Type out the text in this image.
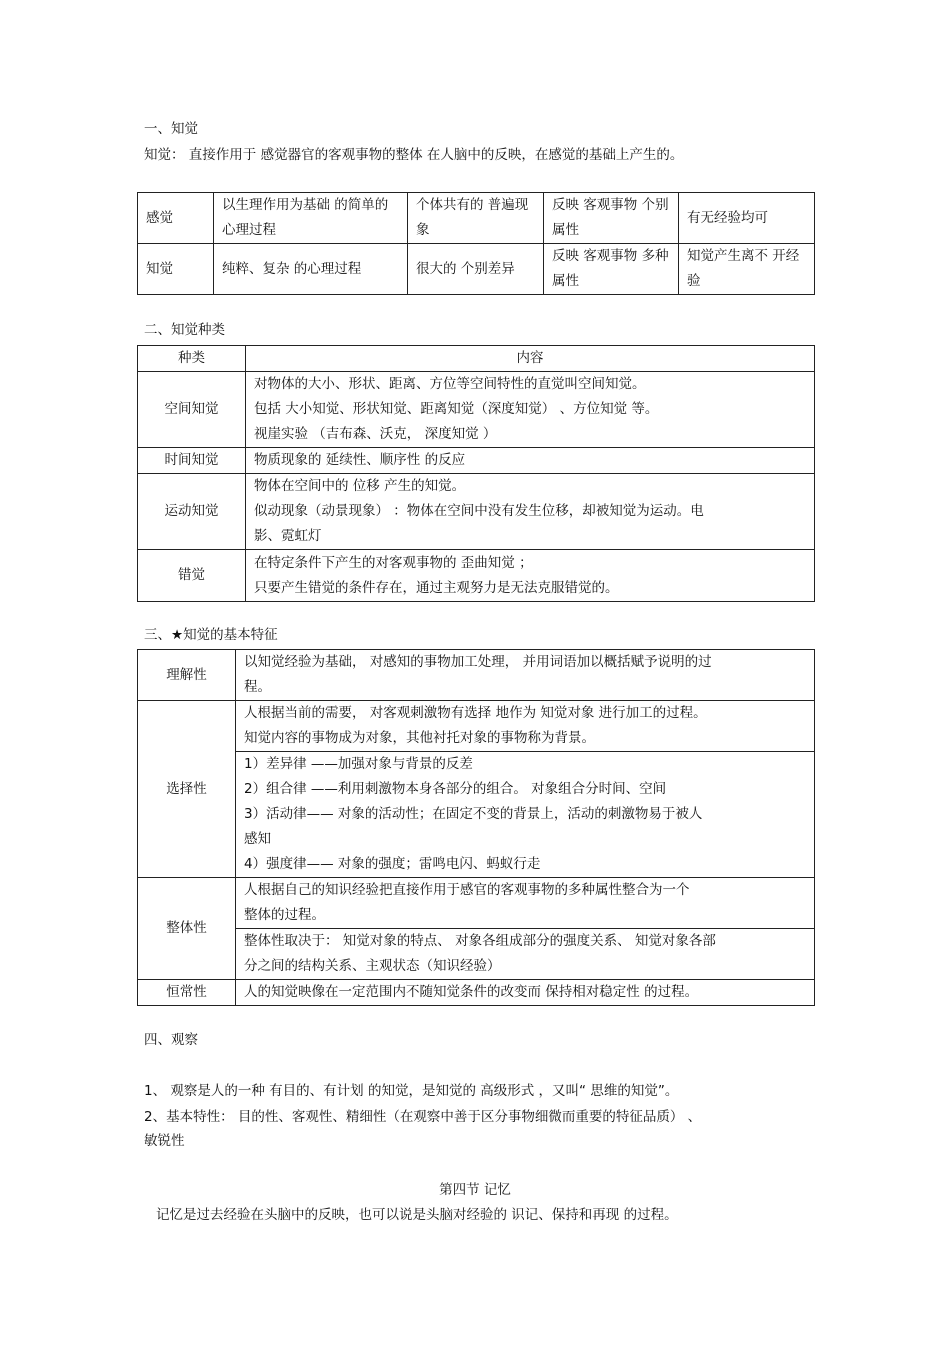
一、知觉
知觉： 直接作用于 感觉器官的客观事物的整体 在人脑中的反映，在感觉的基础上产生的。
感觉	以生理作用为基础 的简单的心理过程	个体共有的 普遍现象	反映 客观事物 个别属性	有无经验均可
知觉	纯粹、复杂 的心理过程	很大的 个别差异	反映 客观事物 多种属性	知觉产生离不 开经验
二、知觉种类
种类	内容
空间知觉	对物体的大小、形状、距离、方位等空间特性的直觉叫空间知觉。
包括 大小知觉、形状知觉、距离知觉（深度知觉） 、方位知觉 等。
视崖实验 （吉布森、沃克， 深度知觉 ）

时间知觉	物质现象的 延续性、顺序性 的反应
运动知觉	物体在空间中的 位移 产生的知觉。
似动现象（动景现象） ：物体在空间中没有发生位移，却被知觉为运动。电
影、霓虹灯

错觉	在特定条件下产生的对客观事物的 歪曲知觉 ；
只要产生错觉的条件存在，通过主观努力是无法克服错觉的。
三、★知觉的基本特征
理解性	以知觉经验为基础， 对感知的事物加工处理， 并用词语加以概括赋予说明的过
程。

选择性	人根据当前的需要， 对客观刺激物有选择 地作为 知觉对象 进行加工的过程。
知觉内容的事物成为对象，其他衬托对象的事物称为背景。

	1）差异律 ——加强对象与背景的反差
2）组合律 ——利用刺激物本身各部分的组合。 对象组合分时间、空间
3）活动律—— 对象的活动性；在固定不变的背景上，活动的刺激物易于被人
感知
4）强度律—— 对象的强度；雷鸣电闪、蚂蚁行走

整体性	人根据自己的知识经验把直接作用于感官的客观事物的多种属性整合为一个
整体的过程。

	整体性取决于： 知觉对象的特点、 对象各组成部分的强度关系、 知觉对象各部
分之间的结构关系、主观状态（知识经验）

恒常性	人的知觉映像在一定范围内不随知觉条件的改变而 保持相对稳定性 的过程。
四、观察
1、 观察是人的一种 有目的、有计划 的知觉，是知觉的 高级形式 ，又叫“ 思维的知觉”。
2、基本特性： 目的性、客观性、精细性（在观察中善于区分事物细微而重要的特征品质） 、
敏锐性
第四节 记忆
记忆是过去经验在头脑中的反映，也可以说是头脑对经验的 识记、保持和再现 的过程。
